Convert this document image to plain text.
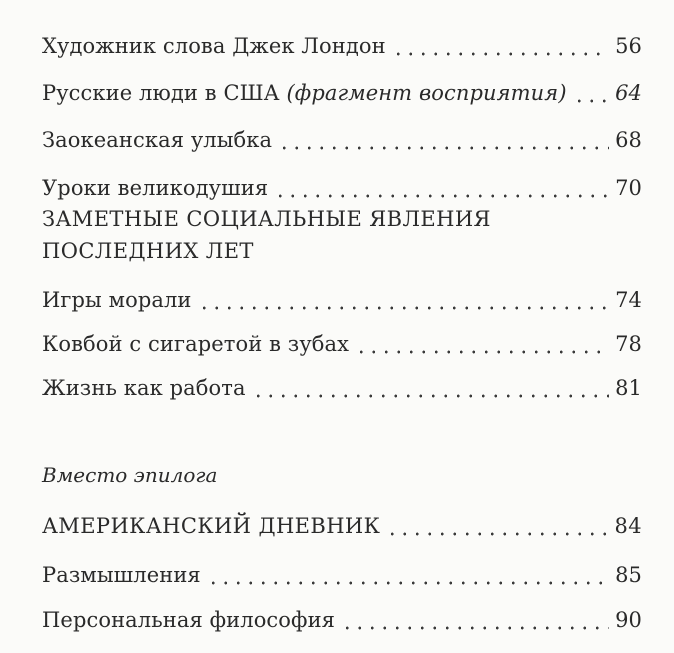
Художник слова Джек Лондон	56
Русские люди в США (фрагмент восприятия) 64
Заокеанская улыбка	68
Уроки великодушия	70
ЗАМЕТНЫЕ СОЦИАЛЬНЫЕ ЯВЛЕНИЯ
ПОСЛЕДНИХ ЛЕТ
Игры морали	74
Ковбой с сигаретой в зубах	78
Жизнь как работа	81
Вместо эпилога
АМЕРИКАНСКИЙ ДНЕВНИК	84
Размышления	85
Персональная философия	90
